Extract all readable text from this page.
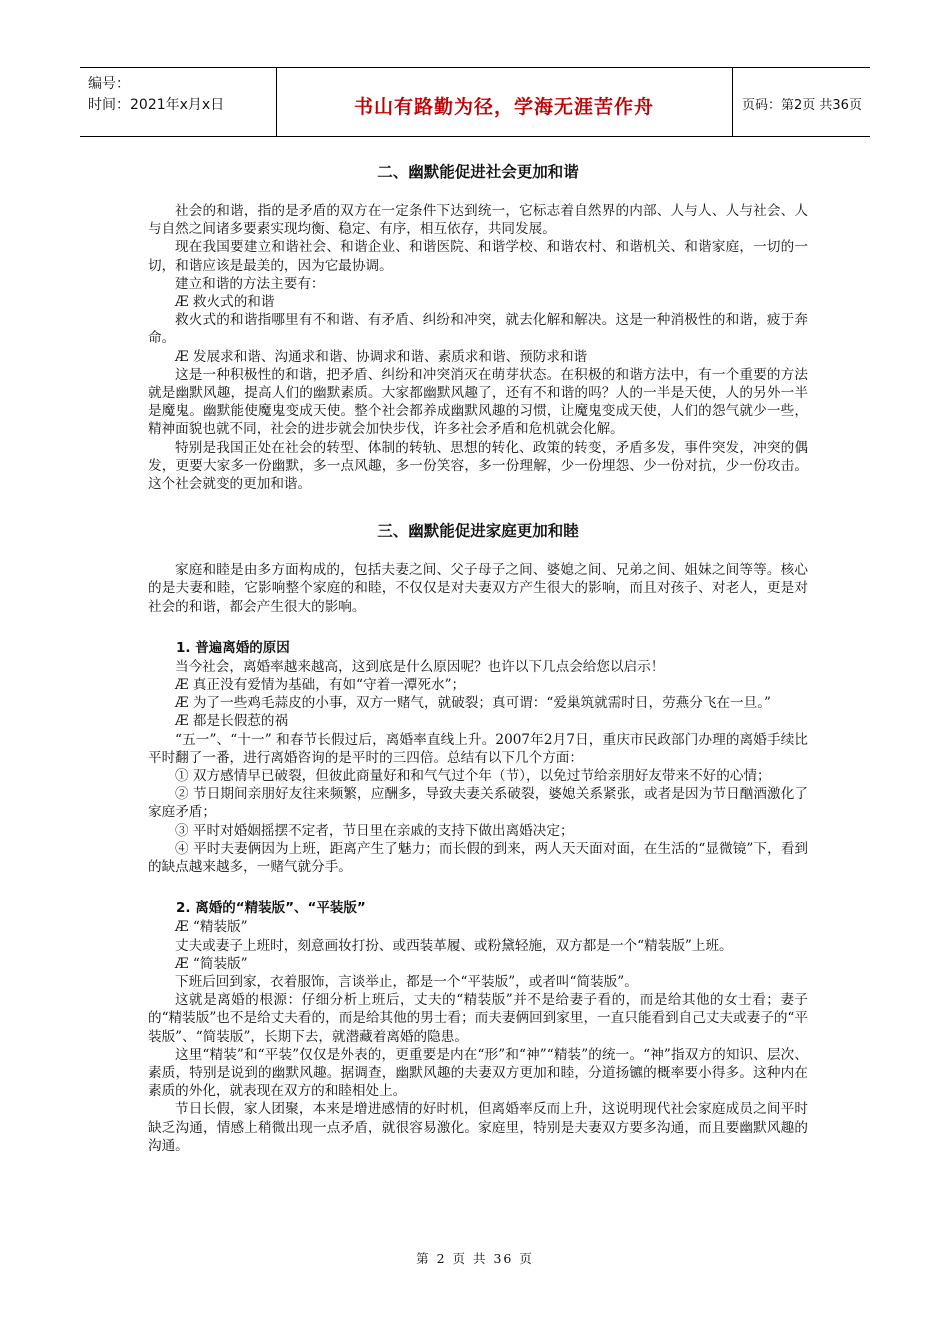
编号：
时间：2021年x月x日	书山有路勤为径，学海无涯苦作舟	页码：第2页 共36页
二、幽默能促进社会更加和谐

社会的和谐，指的是矛盾的双方在一定条件下达到统一，它标志着自然界的内部、人与人、人与社会、人与自然之间诸多要素实现均衡、稳定、有序，相互依存，共同发展。

现在我国要建立和谐社会、和谐企业、和谐医院、和谐学校、和谐农村、和谐机关、和谐家庭，一切的一切，和谐应该是最美的，因为它最协调。

建立和谐的方法主要有：

Æ 救火式的和谐

救火式的和谐指哪里有不和谐、有矛盾、纠纷和冲突，就去化解和解决。这是一种消极性的和谐，疲于奔命。

Æ 发展求和谐、沟通求和谐、协调求和谐、素质求和谐、预防求和谐

这是一种积极性的和谐，把矛盾、纠纷和冲突消灭在萌芽状态。在积极的和谐方法中，有一个重要的方法就是幽默风趣，提高人们的幽默素质。大家都幽默风趣了，还有不和谐的吗？人的一半是天使，人的另外一半是魔鬼。幽默能使魔鬼变成天使。整个社会都养成幽默风趣的习惯，让魔鬼变成天使，人们的怨气就少一些，精神面貌也就不同，社会的进步就会加快步伐，许多社会矛盾和危机就会化解。

特别是我国正处在社会的转型、体制的转轨、思想的转化、政策的转变，矛盾多发，事件突发，冲突的偶发，更要大家多一份幽默，多一点风趣，多一份笑容，多一份理解，少一份埋怨、少一份对抗，少一份攻击。这个社会就变的更加和谐。

三、幽默能促进家庭更加和睦

家庭和睦是由多方面构成的，包括夫妻之间、父子母子之间、婆媳之间、兄弟之间、姐妹之间等等。核心的是夫妻和睦，它影响整个家庭的和睦，不仅仅是对夫妻双方产生很大的影响，而且对孩子、对老人，更是对社会的和谐，都会产生很大的影响。

1. 普遍离婚的原因

当今社会，离婚率越来越高，这到底是什么原因呢？也许以下几点会给您以启示！

Æ 真正没有爱情为基础，有如“守着一潭死水”；

Æ 为了一些鸡毛蒜皮的小事，双方一赌气，就破裂；真可谓：“爱巢筑就需时日，劳燕分飞在一旦。”

Æ 都是长假惹的祸

“五一”、“十一” 和春节长假过后，离婚率直线上升。2007年2月7日，重庆市民政部门办理的离婚手续比平时翻了一番，进行离婚咨询的是平时的三四倍。总结有以下几个方面：

① 双方感情早已破裂，但彼此商量好和和气气过个年（节），以免过节给亲朋好友带来不好的心情；

② 节日期间亲朋好友往来频繁，应酬多，导致夫妻关系破裂，婆媳关系紧张，或者是因为节日酗酒激化了家庭矛盾；

③ 平时对婚姻摇摆不定者，节日里在亲戚的支持下做出离婚决定；

④ 平时夫妻俩因为上班，距离产生了魅力；而长假的到来，两人天天面对面，在生活的“显微镜”下，看到的缺点越来越多，一赌气就分手。

2. 离婚的“精装版”、“平装版”

Æ “精装版”

丈夫或妻子上班时，刻意画妆打扮、或西装革履、或粉黛轻施，双方都是一个“精装版”上班。

Æ “简装版”

下班后回到家，衣着服饰，言谈举止，都是一个“平装版”，或者叫“简装版”。

这就是离婚的根源：仔细分析上班后，丈夫的“精装版”并不是给妻子看的，而是给其他的女士看；妻子的“精装版”也不是给丈夫看的，而是给其他的男士看；而夫妻俩回到家里，一直只能看到自己丈夫或妻子的“平装版”、“简装版”，长期下去，就潜藏着离婚的隐患。

这里“精装”和“平装”仅仅是外表的，更重要是内在“形”和“神”“精装”的统一。“神”指双方的知识、层次、素质，特别是说到的幽默风趣。据调查，幽默风趣的夫妻双方更加和睦，分道扬镳的概率要小得多。这种内在素质的外化，就表现在双方的和睦相处上。

节日长假，家人团聚，本来是增进感情的好时机，但离婚率反而上升，这说明现代社会家庭成员之间平时缺乏沟通，情感上稍微出现一点矛盾，就很容易激化。家庭里，特别是夫妻双方要多沟通，而且要幽默风趣的沟通。

第 2 页 共 36 页
